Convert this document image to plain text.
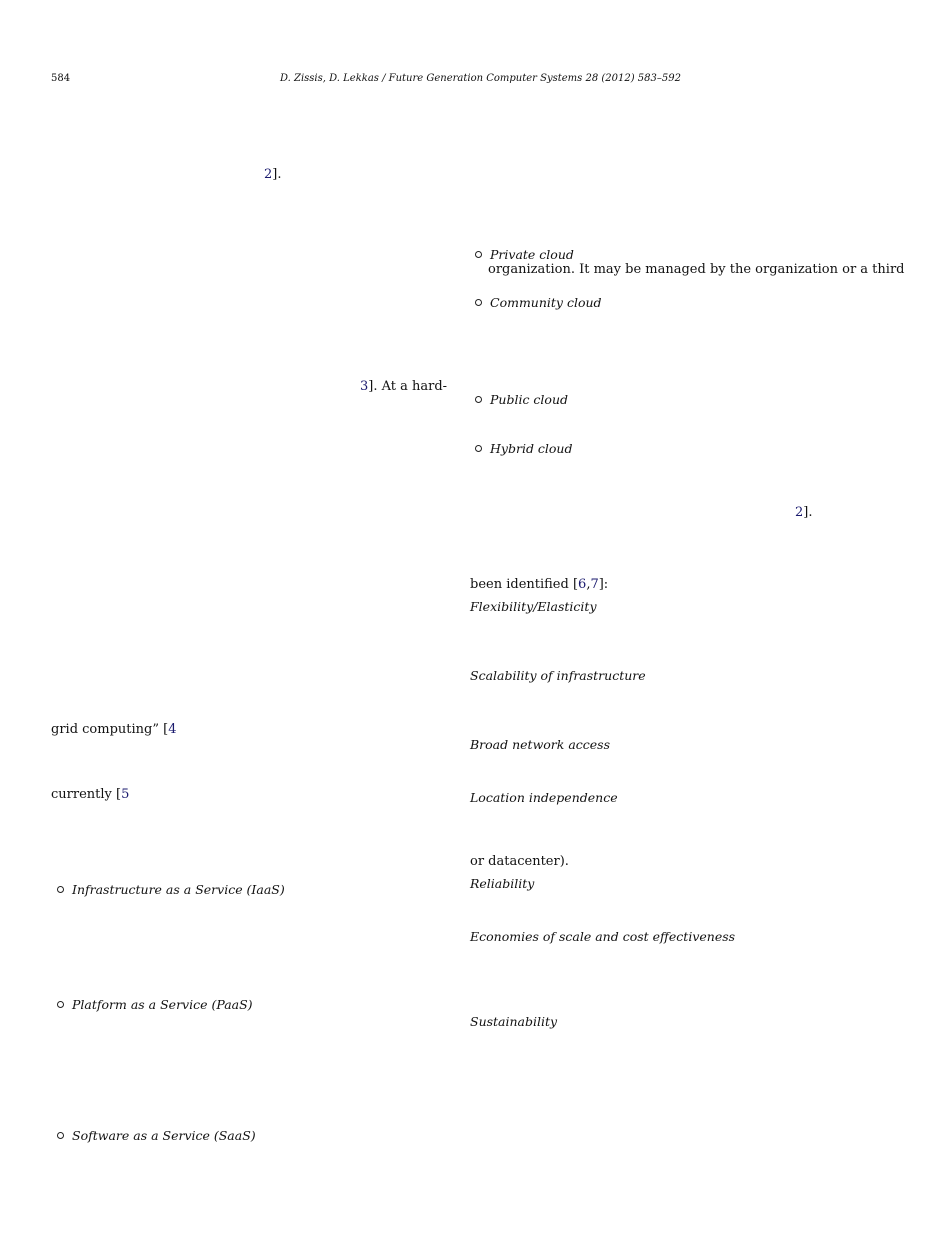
584	D. Zissis, D. Lekkas / Future Generation Computer Systems 28 (2012) 583–592
2].
3]. At a hard-
grid computing” [4
currently [5
Infrastructure as a Service (IaaS)
Platform as a Service (PaaS)
Software as a Service (SaaS)
Private cloud
organization. It may be managed by the organization or a third
Community cloud
Public cloud
Hybrid cloud
2].
been identified [6,7]:
Flexibility/Elasticity
Scalability of infrastructure
Broad network access
Location independence
or datacenter).
Reliability
Economies of scale and cost effectiveness
Sustainability
